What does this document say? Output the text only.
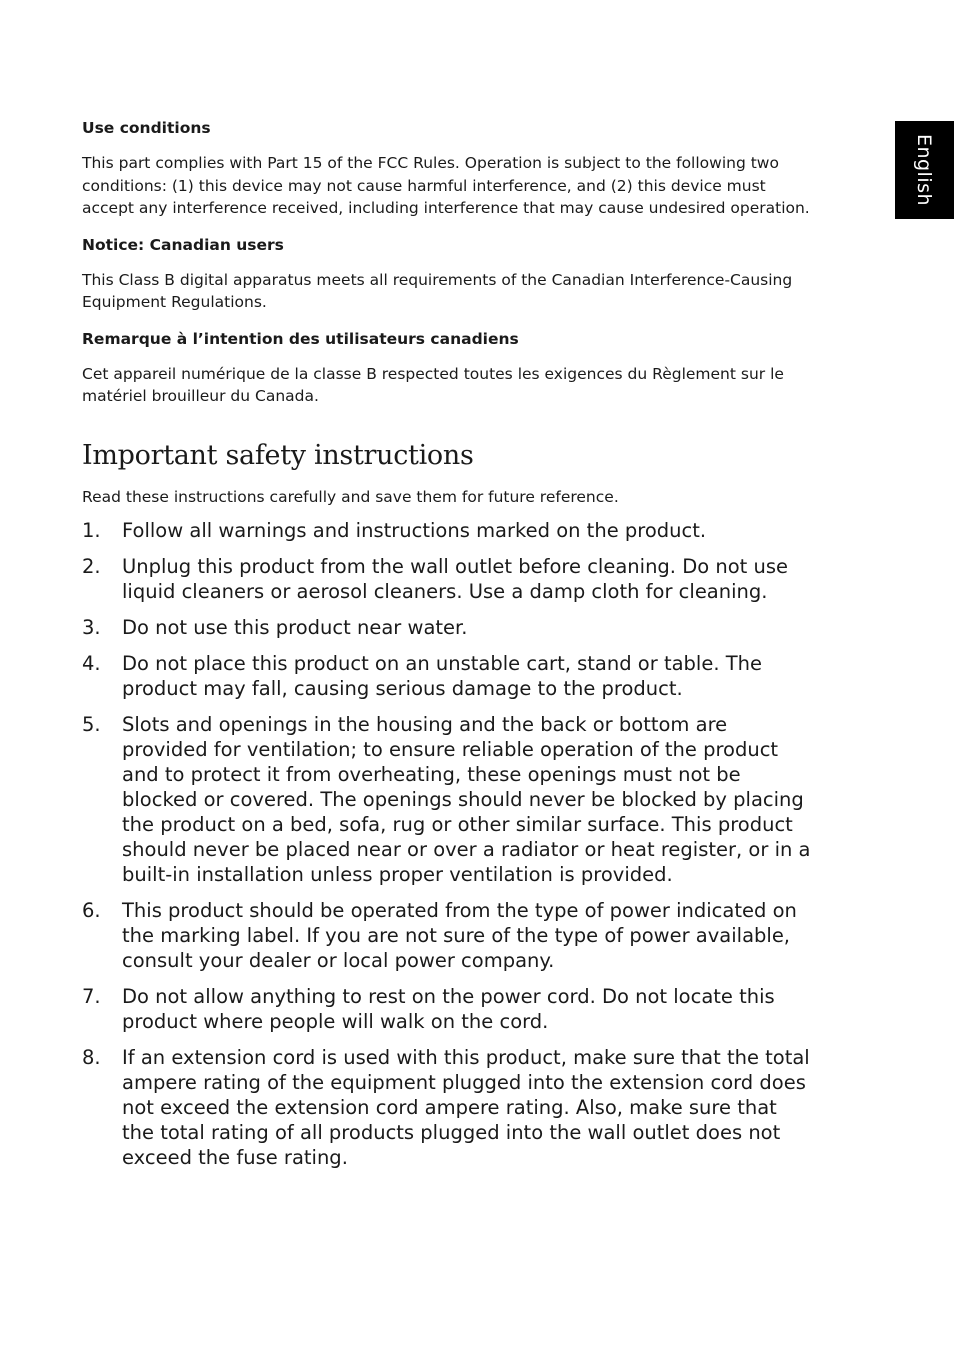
English
Use conditions

This part complies with Part 15 of the FCC Rules. Operation is subject to the following two conditions: (1) this device may not cause harmful interference, and (2) this device must accept any interference received, including interference that may cause undesired operation.

Notice: Canadian users

This Class B digital apparatus meets all requirements of the Canadian Interference-Causing Equipment Regulations.

Remarque à l’intention des utilisateurs canadiens

Cet appareil numérique de la classe B respected toutes les exigences du Règlement sur le matériel brouilleur du Canada.

Important safety instructions

Read these instructions carefully and save them for future reference.

1.	Follow all warnings and instructions marked on the product.
2.	Unplug this product from the wall outlet before cleaning. Do not use liquid cleaners or aerosol cleaners. Use a damp cloth for cleaning.
3.	Do not use this product near water.
4.	Do not place this product on an unstable cart, stand or table. The product may fall, causing serious damage to the product.
5.	Slots and openings in the housing and the back or bottom are provided for ventilation; to ensure reliable operation of the product and to protect it from overheating, these openings must not be blocked or covered. The openings should never be blocked by placing the product on a bed, sofa, rug or other similar surface. This product should never be placed near or over a radiator or heat register, or in a built-in installation unless proper ventilation is provided.
6.	This product should be operated from the type of power indicated on the marking label. If you are not sure of the type of power available, consult your dealer or local power company.
7.	Do not allow anything to rest on the power cord. Do not locate this product where people will walk on the cord.
8.	If an extension cord is used with this product, make sure that the total ampere rating of the equipment plugged into the extension cord does not exceed the extension cord ampere rating. Also, make sure that the total rating of all products plugged into the wall outlet does not exceed the fuse rating.
